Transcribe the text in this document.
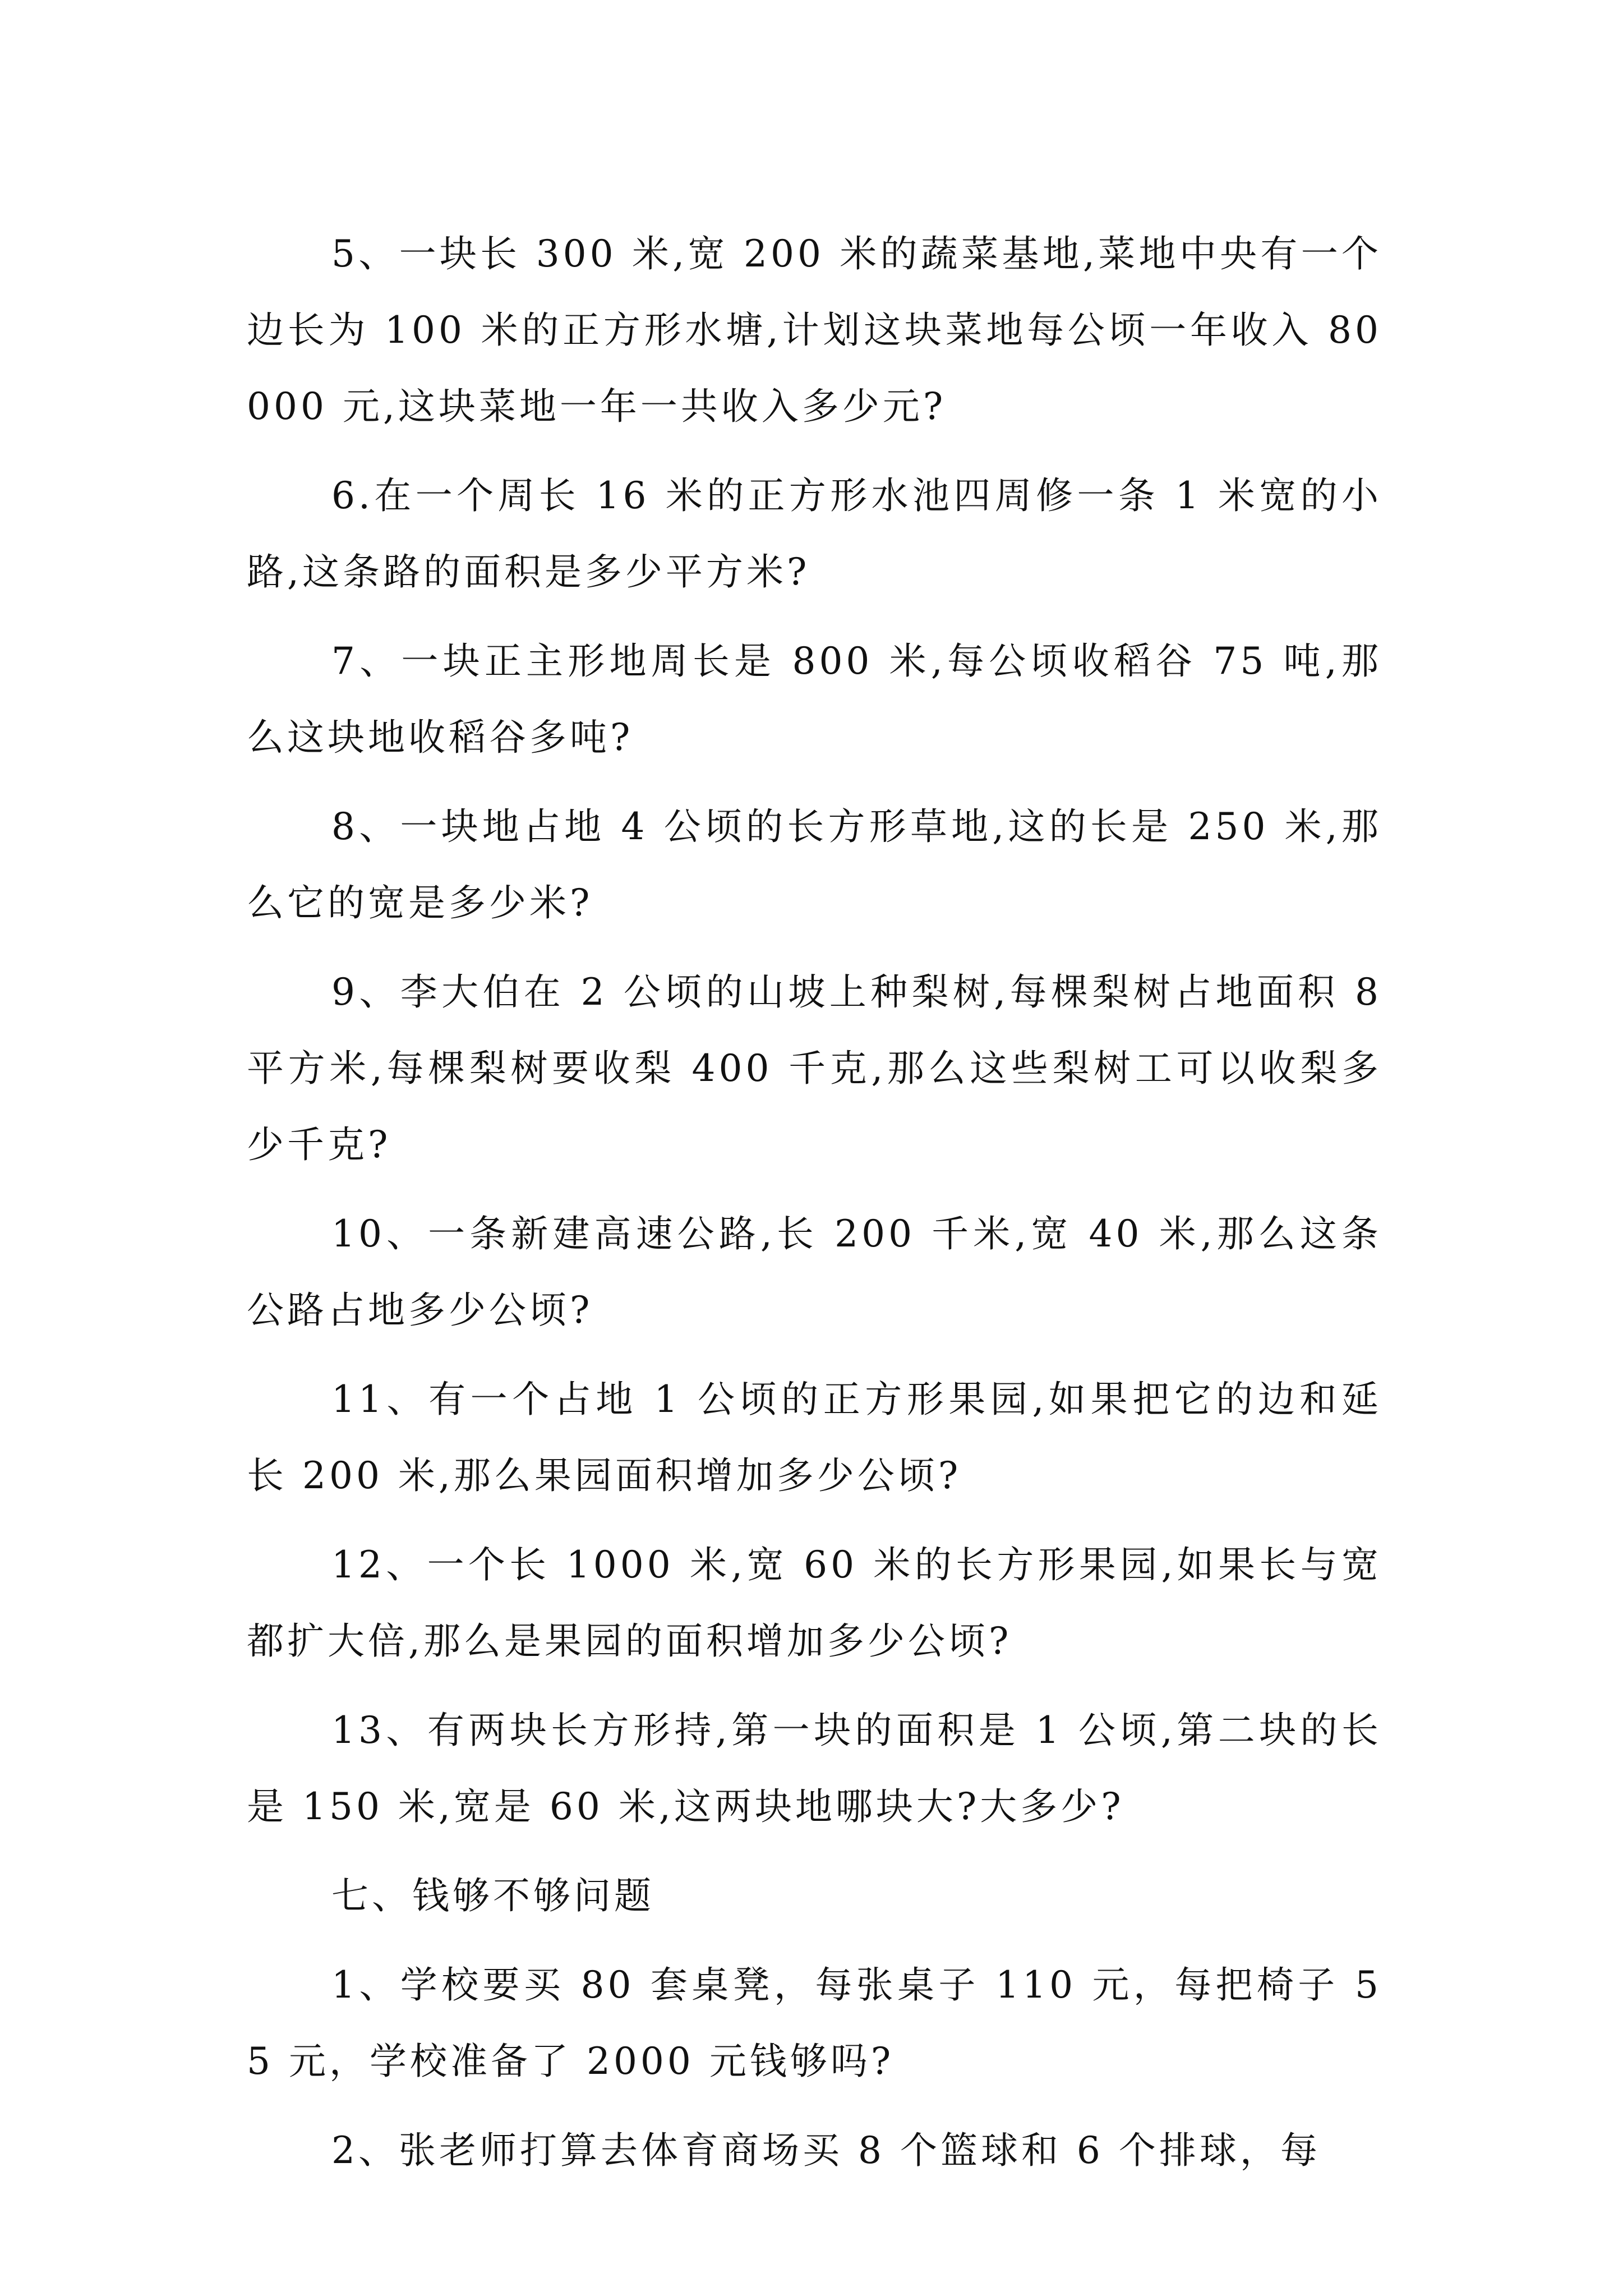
5、一块长 300 米,宽 200 米的蔬菜基地,菜地中央有一个边长为 100 米的正方形水塘,计划这块菜地每公顷一年收入 80000 元,这块菜地一年一共收入多少元?

6.在一个周长 16 米的正方形水池四周修一条 1 米宽的小路,这条路的面积是多少平方米?

7、一块正主形地周长是 800 米,每公顷收稻谷 75 吨,那么这块地收稻谷多吨?

8、一块地占地 4 公顷的长方形草地,这的长是 250 米,那么它的宽是多少米?

9、李大伯在 2 公顷的山坡上种梨树,每棵梨树占地面积 8 平方米,每棵梨树要收梨 400 千克,那么这些梨树工可以收梨多少千克?

10、一条新建高速公路,长 200 千米,宽 40 米,那么这条公路占地多少公顷?

11、有一个占地 1 公顷的正方形果园,如果把它的边和延长 200 米,那么果园面积增加多少公顷?

12、一个长 1000 米,宽 60 米的长方形果园,如果长与宽都扩大倍,那么是果园的面积增加多少公顷?

13、有两块长方形持,第一块的面积是 1 公顷,第二块的长是 150 米,宽是 60 米,这两块地哪块大?大多少?

七、钱够不够问题

1、学校要买 80 套桌凳，每张桌子 110 元，每把椅子 55 元，学校准备了 2000 元钱够吗?

2、张老师打算去体育商场买 8 个篮球和 6 个排球，每
